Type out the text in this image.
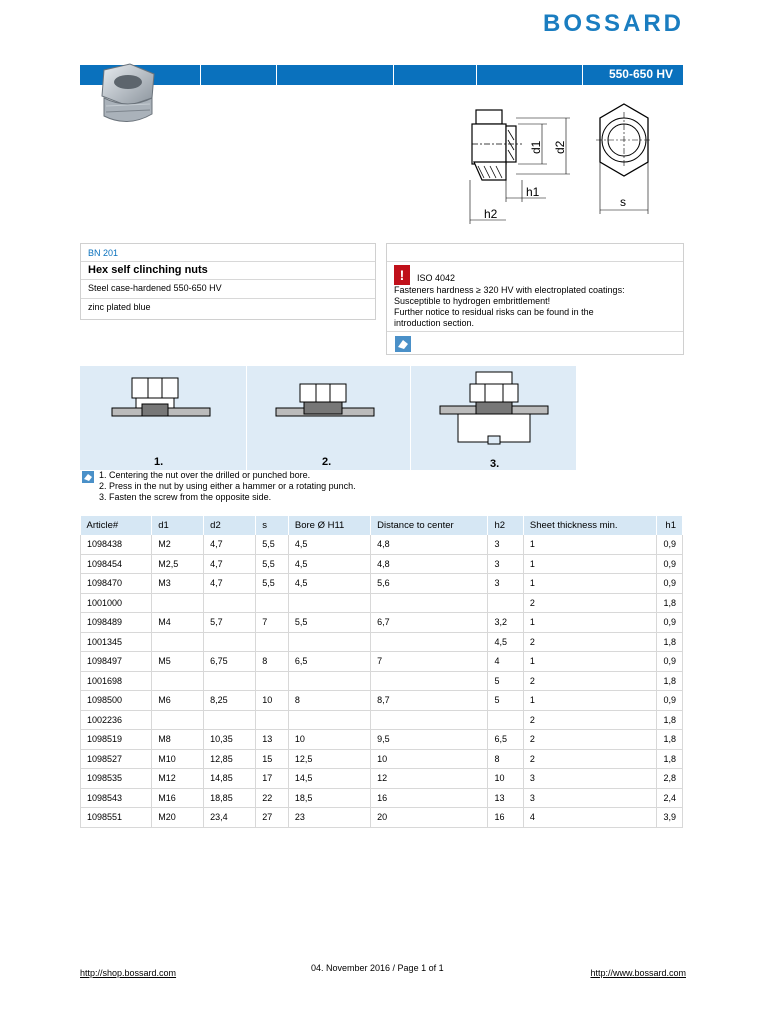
BOSSARD
550-650 HV
d1 d2
h1
h2
s
BN 201
Hex self clinching nuts
Steel case-hardened 550-650 HV
zinc plated blue
!	ISO 4042
Fasteners hardness ≥ 320 HV with electroplated coatings:
Susceptible to hydrogen embrittlement!
Further notice to residual risks can be found in the
introduction section.
1.	2.	3.
1. Centering the nut over the drilled or punched bore.
2. Press in the nut by using either a hammer or a rotating punch.
3. Fasten the screw from the opposite side.
Article#	d1	d2	s	Bore Ø H11	Distance to center	h2	Sheet thickness min.	h1
1098438	M2	4,7	5,5	4,5	4,8	3	1	0,9
1098454	M2,5	4,7	5,5	4,5	4,8	3	1	0,9
1098470	M3	4,7	5,5	4,5	5,6	3	1	0,9
1001000							2	1,8
1098489	M4	5,7	7	5,5	6,7	3,2	1	0,9
1001345						4,5	2	1,8
1098497	M5	6,75	8	6,5	7	4	1	0,9
1001698						5	2	1,8
1098500	M6	8,25	10	8	8,7	5	1	0,9
1002236							2	1,8
1098519	M8	10,35	13	10	9,5	6,5	2	1,8
1098527	M10	12,85	15	12,5	10	8	2	1,8
1098535	M12	14,85	17	14,5	12	10	3	2,8
1098543	M16	18,85	22	18,5	16	13	3	2,4
1098551	M20	23,4	27	23	20	16	4	3,9
http://shop.bossard.com	04. November 2016 / Page 1 of 1	http://www.bossard.com
